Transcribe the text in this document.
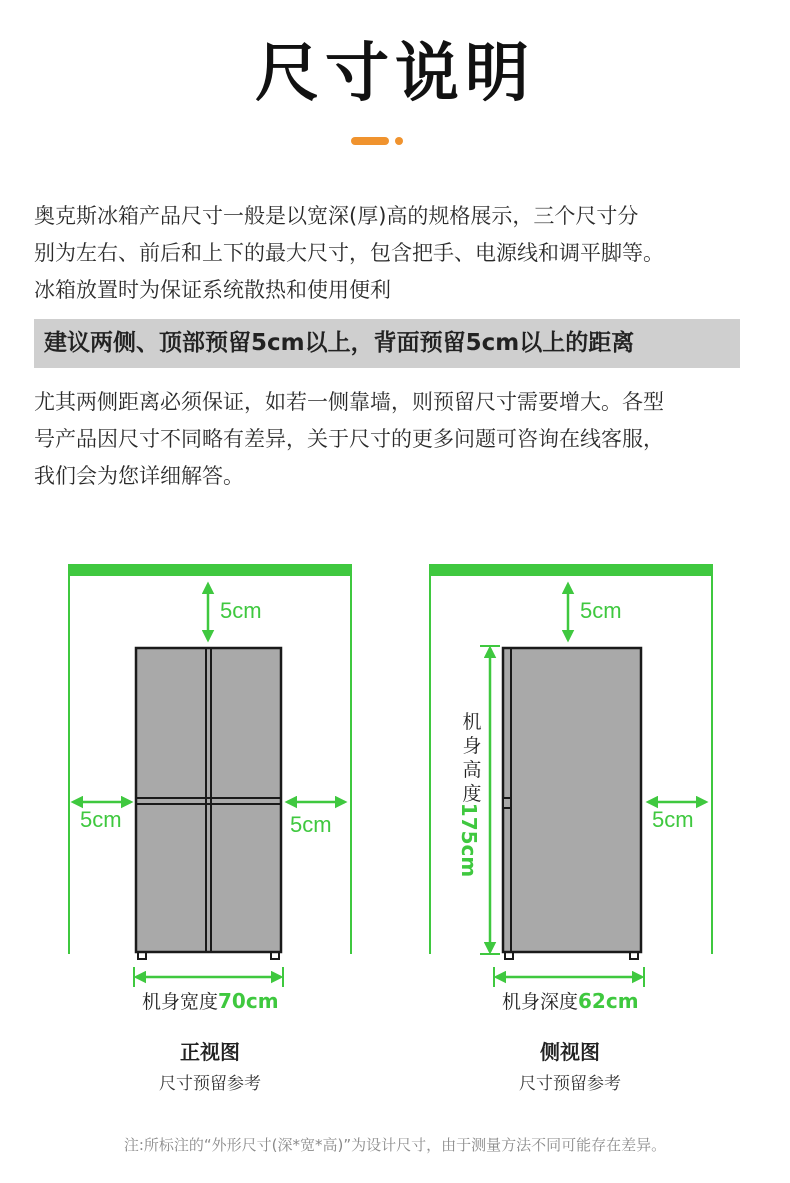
尺寸说明
奥克斯冰箱产品尺寸一般是以宽深(厚)高的规格展示，三个尺寸分
别为左右、前后和上下的最大尺寸，包含把手、电源线和调平脚等。
冰箱放置时为保证系统散热和使用便利
建议两侧、顶部预留5cm以上，背面预留5cm以上的距离
尤其两侧距离必须保证，如若一侧靠墙，则预留尺寸需要增大。各型
号产品因尺寸不同略有差异，关于尺寸的更多问题可咨询在线客服，
我们会为您详细解答。
5cm
5cm	5cm
机身宽度70cm
5cm
5cm
机身高度
175cm
机身深度62cm
正视图
尺寸预留参考
侧视图
尺寸预留参考
注:所标注的“外形尺寸(深*宽*高)”为设计尺寸，由于测量方法不同可能存在差异。
